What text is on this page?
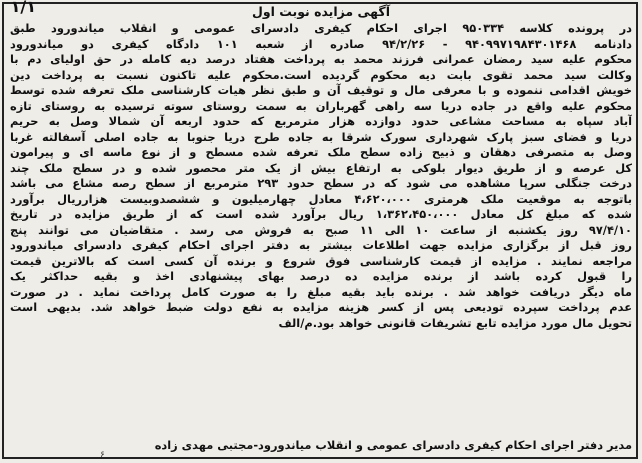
۱/۱	آگهی مزایده نوبت اول
در پرونده کلاسه ۹۵۰۳۳۴ اجرای احکام کیفری دادسرای عمومی و انقلاب میاندورود طبق
دادنامه ۹۴۰۹۹۷۱۹۸۴۳۰۱۴۶۸ - ۹۴/۲/۲۶ صادره از شعبه ۱۰۱ دادگاه کیفری دو میاندورود
محکوم علیه سید رمضان عمرانی فرزند محمد به پرداخت هفتاد درصد دیه کامله در حق اولیای دم با
وکالت سید محمد تقوی بابت دیه محکوم گردیده است.محکوم علیه تاکنون نسبت به پرداخت دین
خویش اقدامی ننموده و با معرفی مال و توقیف آن و طبق نظر هیات کارشناسی ملک تعرفه شده توسط
محکوم علیه واقع در جاده دریا سه راهی گهرباران به سمت روستای سوته ترسیده به روستای تازه
آباد سپاه به مساحت مشاعی حدود دوازده هزار مترمربع که حدود اربعه آن شمالا وصل به حریم
دریا و فضای سبز پارک شهرداری سورک شرقا به جاده طرح دریا جنوبا به جاده اصلی آسفالته غربا
وصل به متصرفی دهقان و ذبیح زاده سطح ملک تعرفه شده مسطح و از نوع ماسه ای و پیرامون
کل عرصه و از طریق دیوار بلوکی به ارتفاع بیش از یک متر محصور شده و در سطح ملک چند
درخت جنگلی سرپا مشاهده می شود که در سطح حدود ۲۹۳ مترمربع از سطح رصه مشاع می باشد
باتوجه به موقعیت ملک هرمتری ۴،۶۲۰،۰۰۰ معادل چهارمیلیون و ششصدوبیست هزارریال برآورد
شده که مبلغ کل معادل ۱،۳۶۲،۴۵۰،۰۰۰ ریال برآورد شده است که از طریق مزایده در تاریخ
۹۷/۴/۱۰ روز یکشنبه از ساعت ۱۰ الی ۱۱ صبح به فروش می رسد . متقاضیان می توانند پنج
روز قبل از برگزاری مزایده جهت اطلاعات بیشتر به دفتر اجرای احکام کیفری دادسرای میاندورود
مراجعه نمایند . مزایده از قیمت کارشناسی فوق شروع و برنده آن کسی است که بالاترین قیمت
را قبول کرده باشد از برنده مزایده ده درصد بهای پیشنهادی اخذ و بقیه حداکثر یک
ماه دیگر دریافت خواهد شد . برنده باید بقیه مبلغ را به صورت کامل پرداخت نماید . در صورت
عدم پرداخت سپرده تودیعی پس از کسر هزینه مزایده به نفع دولت ضبط خواهد شد. بدیهی است
تحویل مال مورد مزایده تابع تشریفات قانونی خواهد بود.م/الف
مدیر دفتر اجرای احکام کیفری دادسرای عمومی و انقلاب میاندورود-مجتبی مهدی زاده
۶
